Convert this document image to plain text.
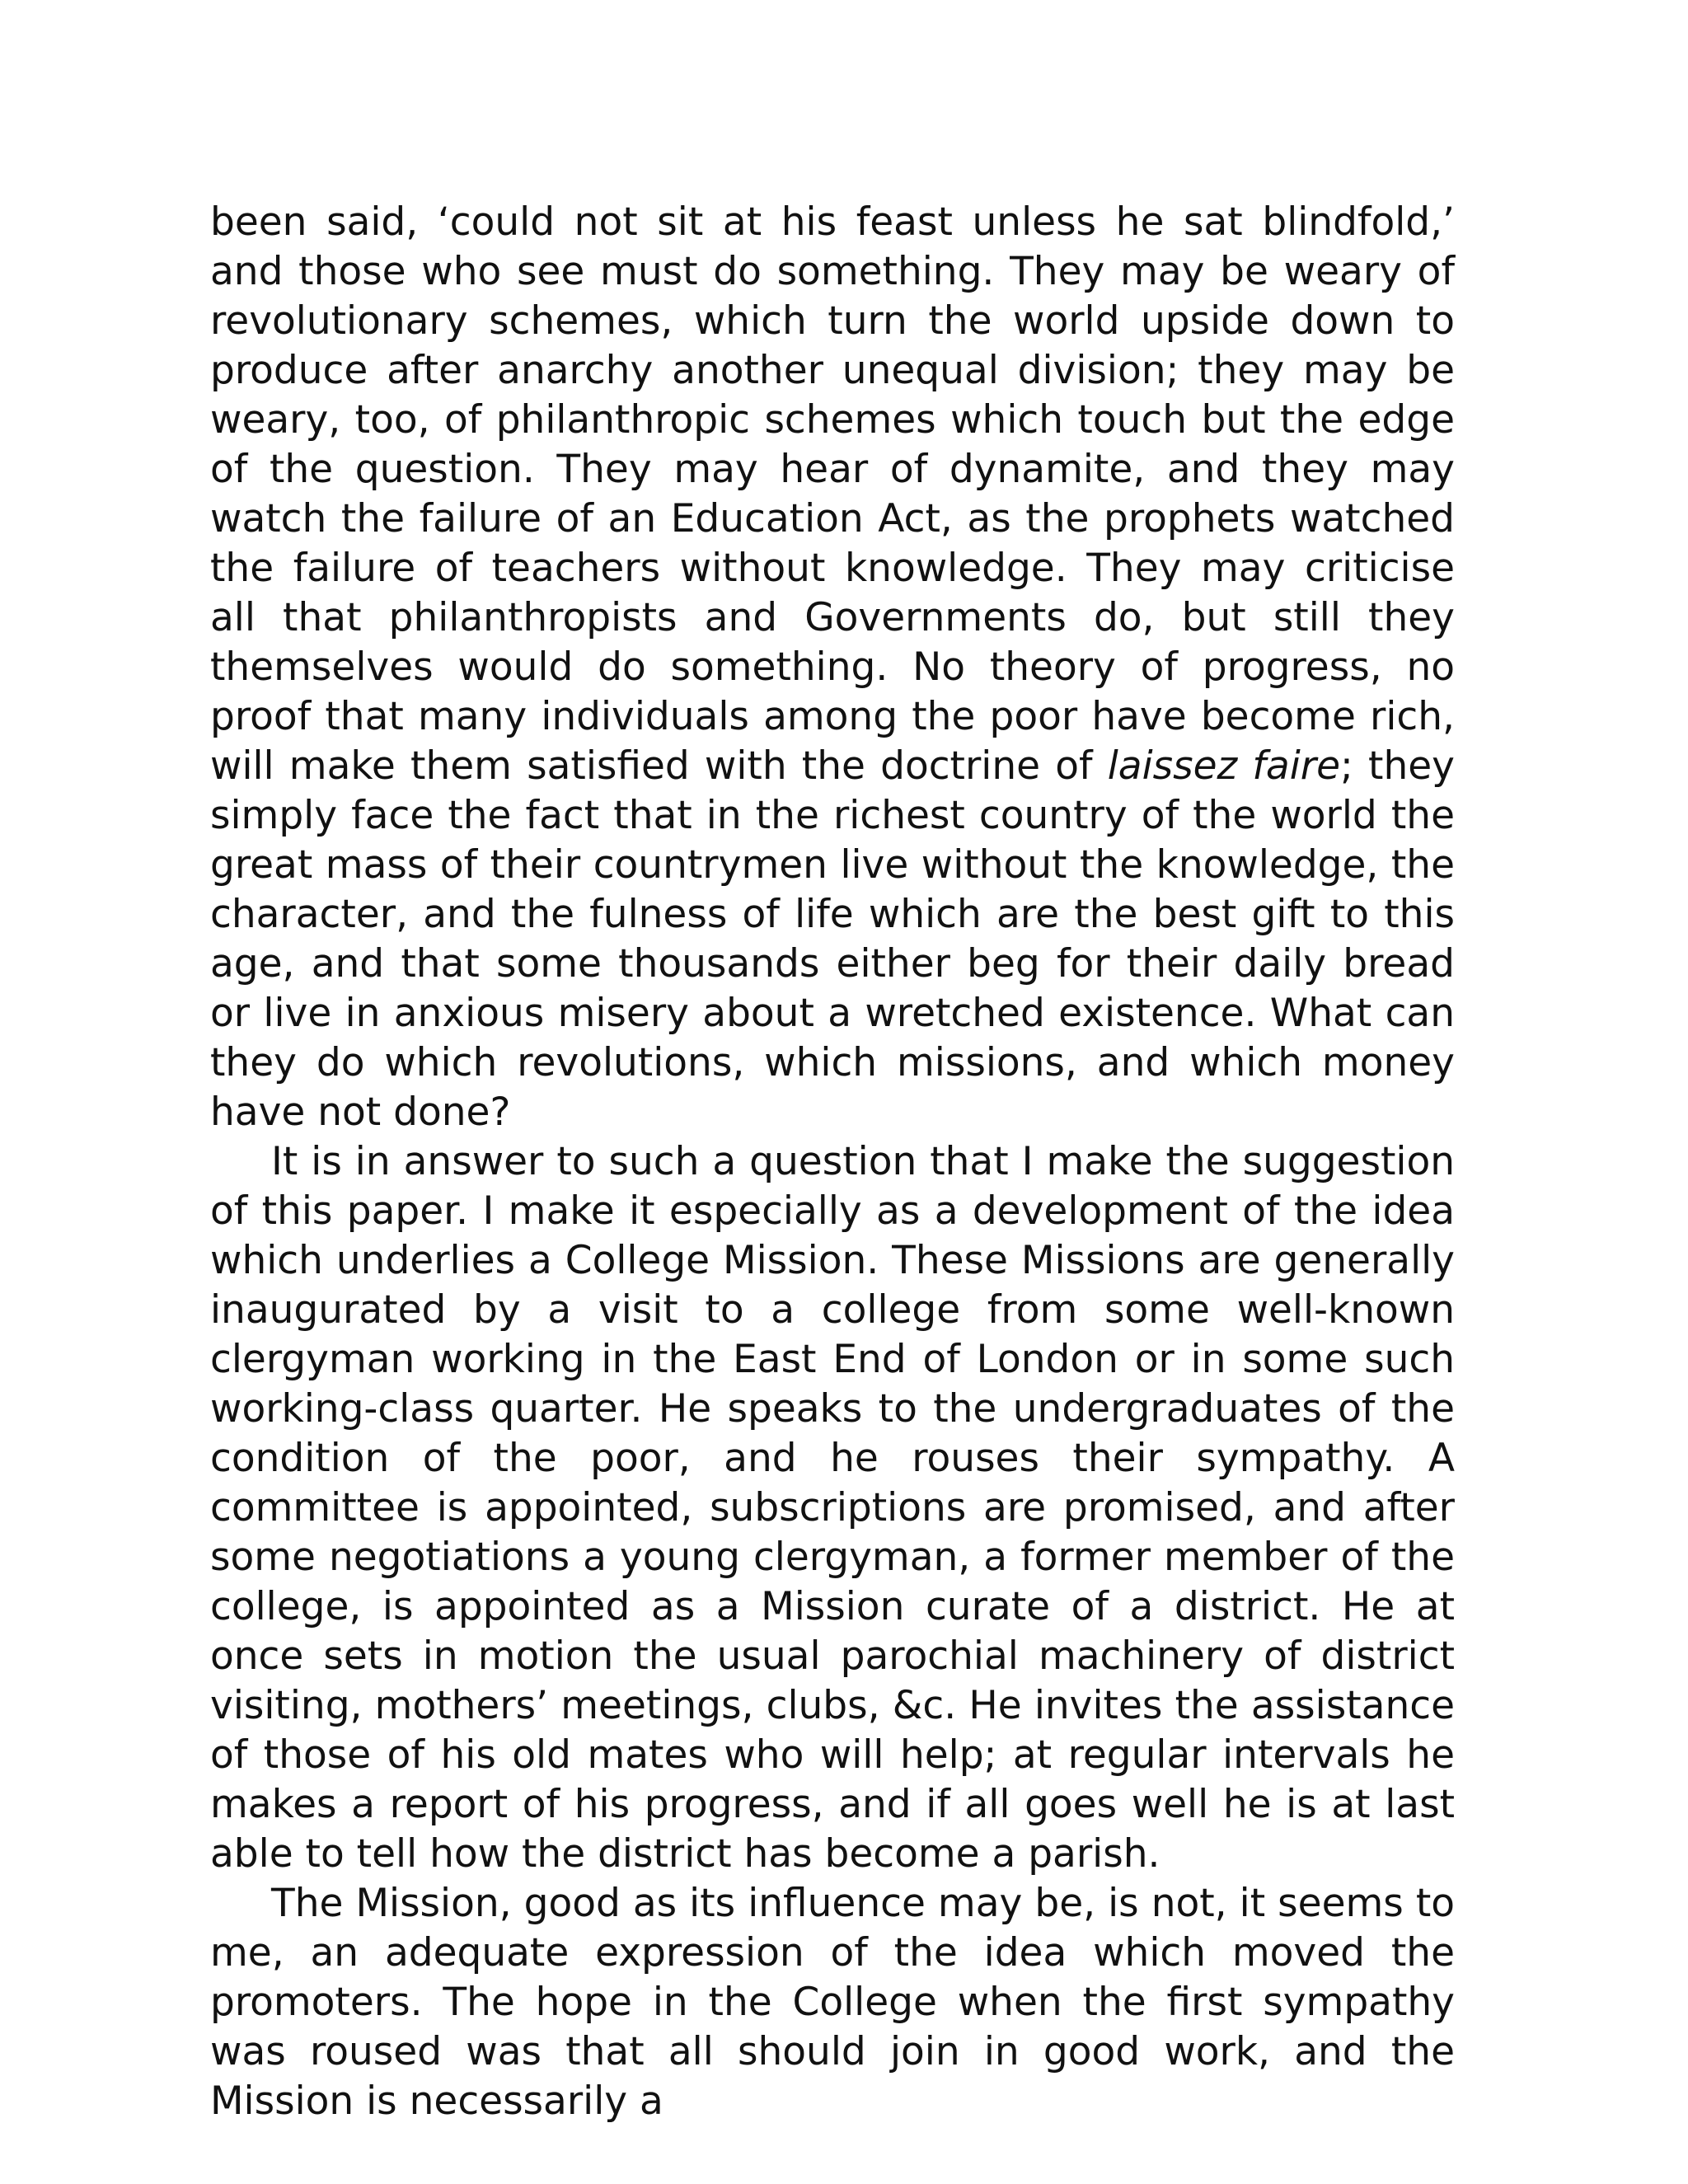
been said, ‘could not sit at his feast unless he sat blindfold,’ and those who see must do something. They may be weary of revolutionary schemes, which turn the world upside down to produce after anarchy another unequal division; they may be weary, too, of philanthropic schemes which touch but the edge of the question. They may hear of dynamite, and they may watch the failure of an Education Act, as the prophets watched the failure of teachers without knowledge. They may criticise all that philanthropists and Governments do, but still they themselves would do something. No theory of progress, no proof that many individuals among the poor have become rich, will make them satisfied with the doctrine of laissez faire; they simply face the fact that in the richest country of the world the great mass of their countrymen live without the knowledge, the character, and the fulness of life which are the best gift to this age, and that some thousands either beg for their daily bread or live in anxious misery about a wretched existence. What can they do which revolutions, which missions, and which money have not done?

It is in answer to such a question that I make the suggestion of this paper. I make it especially as a development of the idea which underlies a College Mission. These Missions are generally inaugurated by a visit to a college from some well-known clergyman working in the East End of London or in some such working-class quarter. He speaks to the undergraduates of the condition of the poor, and he rouses their sympathy. A committee is appointed, subscriptions are promised, and after some negotiations a young clergyman, a former member of the college, is appointed as a Mission curate of a district. He at once sets in motion the usual parochial machinery of district visiting, mothers’ meetings, clubs, &c. He invites the assistance of those of his old mates who will help; at regular intervals he makes a report of his progress, and if all goes well he is at last able to tell how the district has become a parish.

The Mission, good as its influence may be, is not, it seems to me, an adequate expression of the idea which moved the promoters. The hope in the College when the first sympathy was roused was that all should join in good work, and the Mission is necessarily a
